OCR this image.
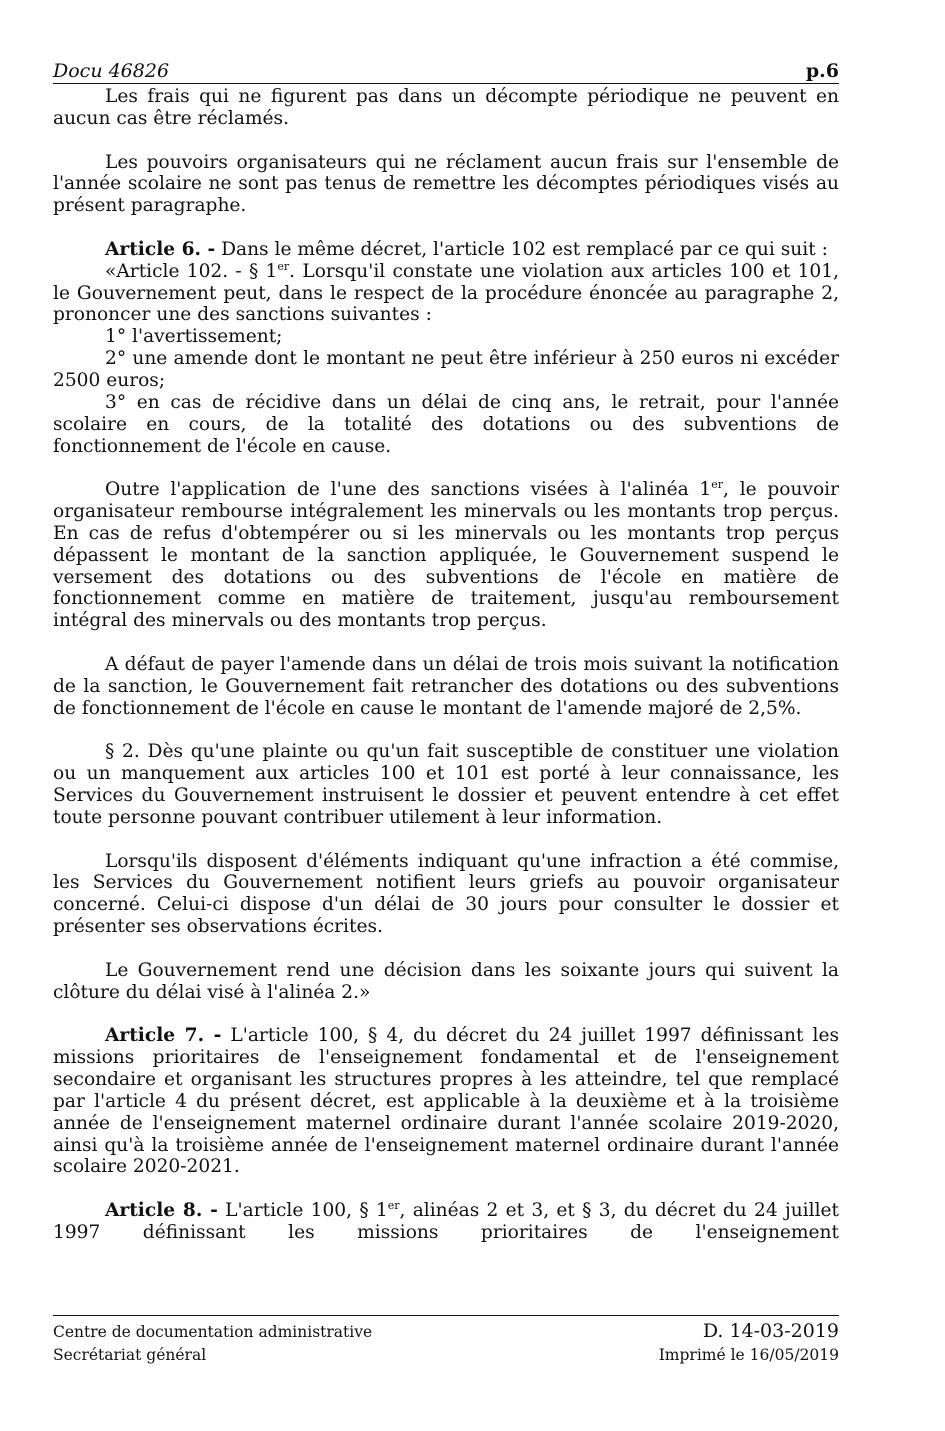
Docu 46826	p.6

Les frais qui ne figurent pas dans un décompte périodique ne peuvent en aucun cas être réclamés.

Les pouvoirs organisateurs qui ne réclament aucun frais sur l'ensemble de l'année scolaire ne sont pas tenus de remettre les décomptes périodiques visés au présent paragraphe.

Article 6. - Dans le même décret, l'article 102 est remplacé par ce qui suit :

«Article 102. - § 1er. Lorsqu'il constate une violation aux articles 100 et 101, le Gouvernement peut, dans le respect de la procédure énoncée au paragraphe 2, prononcer une des sanctions suivantes :

1° l'avertissement;

2° une amende dont le montant ne peut être inférieur à 250 euros ni excéder 2500 euros;

3° en cas de récidive dans un délai de cinq ans, le retrait, pour l'année scolaire en cours, de la totalité des dotations ou des subventions de fonctionnement de l'école en cause.

Outre l'application de l'une des sanctions visées à l'alinéa 1er, le pouvoir organisateur rembourse intégralement les minervals ou les montants trop perçus. En cas de refus d'obtempérer ou si les minervals ou les montants trop perçus dépassent le montant de la sanction appliquée, le Gouvernement suspend le versement des dotations ou des subventions de l'école en matière de fonctionnement comme en matière de traitement, jusqu'au remboursement intégral des minervals ou des montants trop perçus.

A défaut de payer l'amende dans un délai de trois mois suivant la notification de la sanction, le Gouvernement fait retrancher des dotations ou des subventions de fonctionnement de l'école en cause le montant de l'amende majoré de 2,5%.

§ 2. Dès qu'une plainte ou qu'un fait susceptible de constituer une violation ou un manquement aux articles 100 et 101 est porté à leur connaissance, les Services du Gouvernement instruisent le dossier et peuvent entendre à cet effet toute personne pouvant contribuer utilement à leur information.

Lorsqu'ils disposent d'éléments indiquant qu'une infraction a été commise, les Services du Gouvernement notifient leurs griefs au pouvoir organisateur concerné. Celui-ci dispose d'un délai de 30 jours pour consulter le dossier et présenter ses observations écrites.

Le Gouvernement rend une décision dans les soixante jours qui suivent la clôture du délai visé à l'alinéa 2.»

Article 7. - L'article 100, § 4, du décret du 24 juillet 1997 définissant les missions prioritaires de l'enseignement fondamental et de l'enseignement secondaire et organisant les structures propres à les atteindre, tel que remplacé par l'article 4 du présent décret, est applicable à la deuxième et à la troisième année de l'enseignement maternel ordinaire durant l'année scolaire 2019-2020, ainsi qu'à la troisième année de l'enseignement maternel ordinaire durant l'année scolaire 2020-2021.

Article 8. - L'article 100, § 1er, alinéas 2 et 3, et § 3, du décret du 24 juillet 1997 définissant les missions prioritaires de l'enseignement

Centre de documentation administrative	D. 14-03-2019
Secrétariat général	Imprimé le 16/05/2019
